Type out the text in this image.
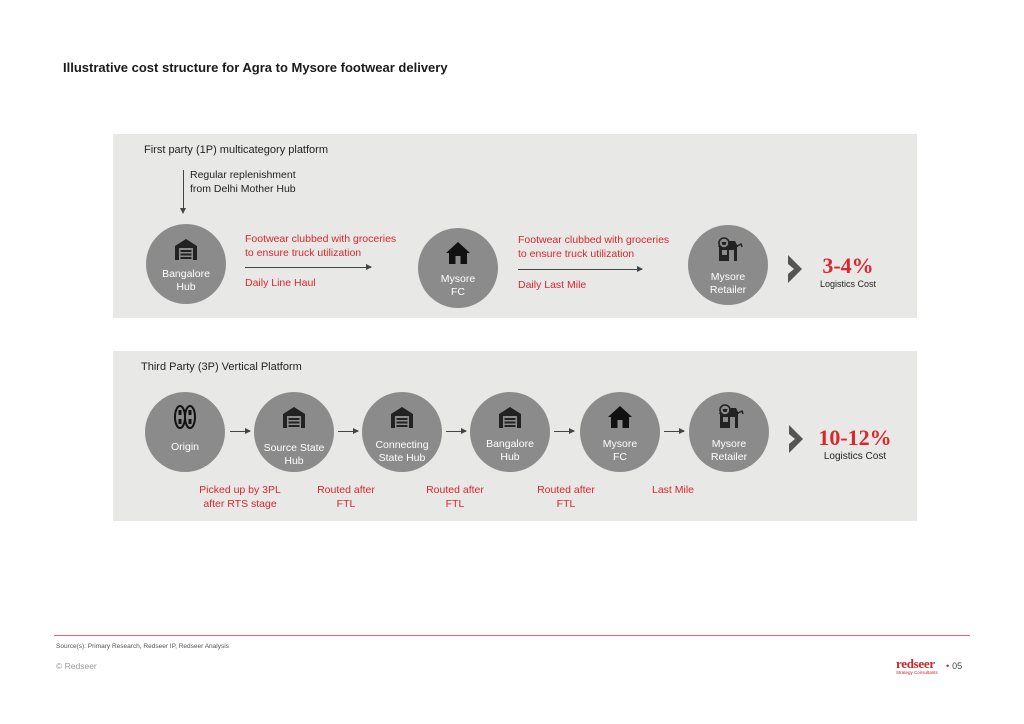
Illustrative cost structure for Agra to Mysore footwear delivery
First party (1P) multicategory platform
Regular replenishment
from Delhi Mother Hub
Bangalore
Hub
Footwear clubbed with groceries
to ensure truck utilization
Daily Line Haul	Mysore
FC
Footwear clubbed with groceries
to ensure truck utilization
Daily Last Mile
Mysore
Retailer
3-4%
Logistics Cost
Third Party (3P) Vertical Platform
Origin	Source State
Hub
Connecting
State Hub
Bangalore
Hub
Mysore
FC
Mysore
Retailer
10-12%
Logistics Cost
Picked up by 3PL
after RTS stage
Routed after
FTL
Routed after
FTL
Routed after
FTL
Last Mile
Source(s): Primary Research, Redseer IP, Redseer Analysis
© Redseer	redseer
Strategy Consultants
• 05
